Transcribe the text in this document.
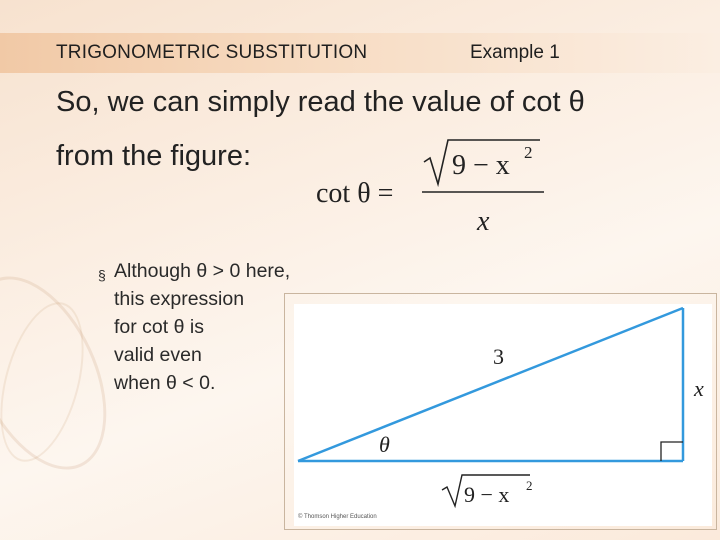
TRIGONOMETRIC SUBSTITUTION	Example 1
So, we can simply read the value of cot θ
from the figure:
cot θ =
9 − x 2
x
§ Although θ > 0 here,
this expression
for cot θ is
valid even
when θ < 0.
3
x
θ
9 − x 2
© Thomson Higher Education
